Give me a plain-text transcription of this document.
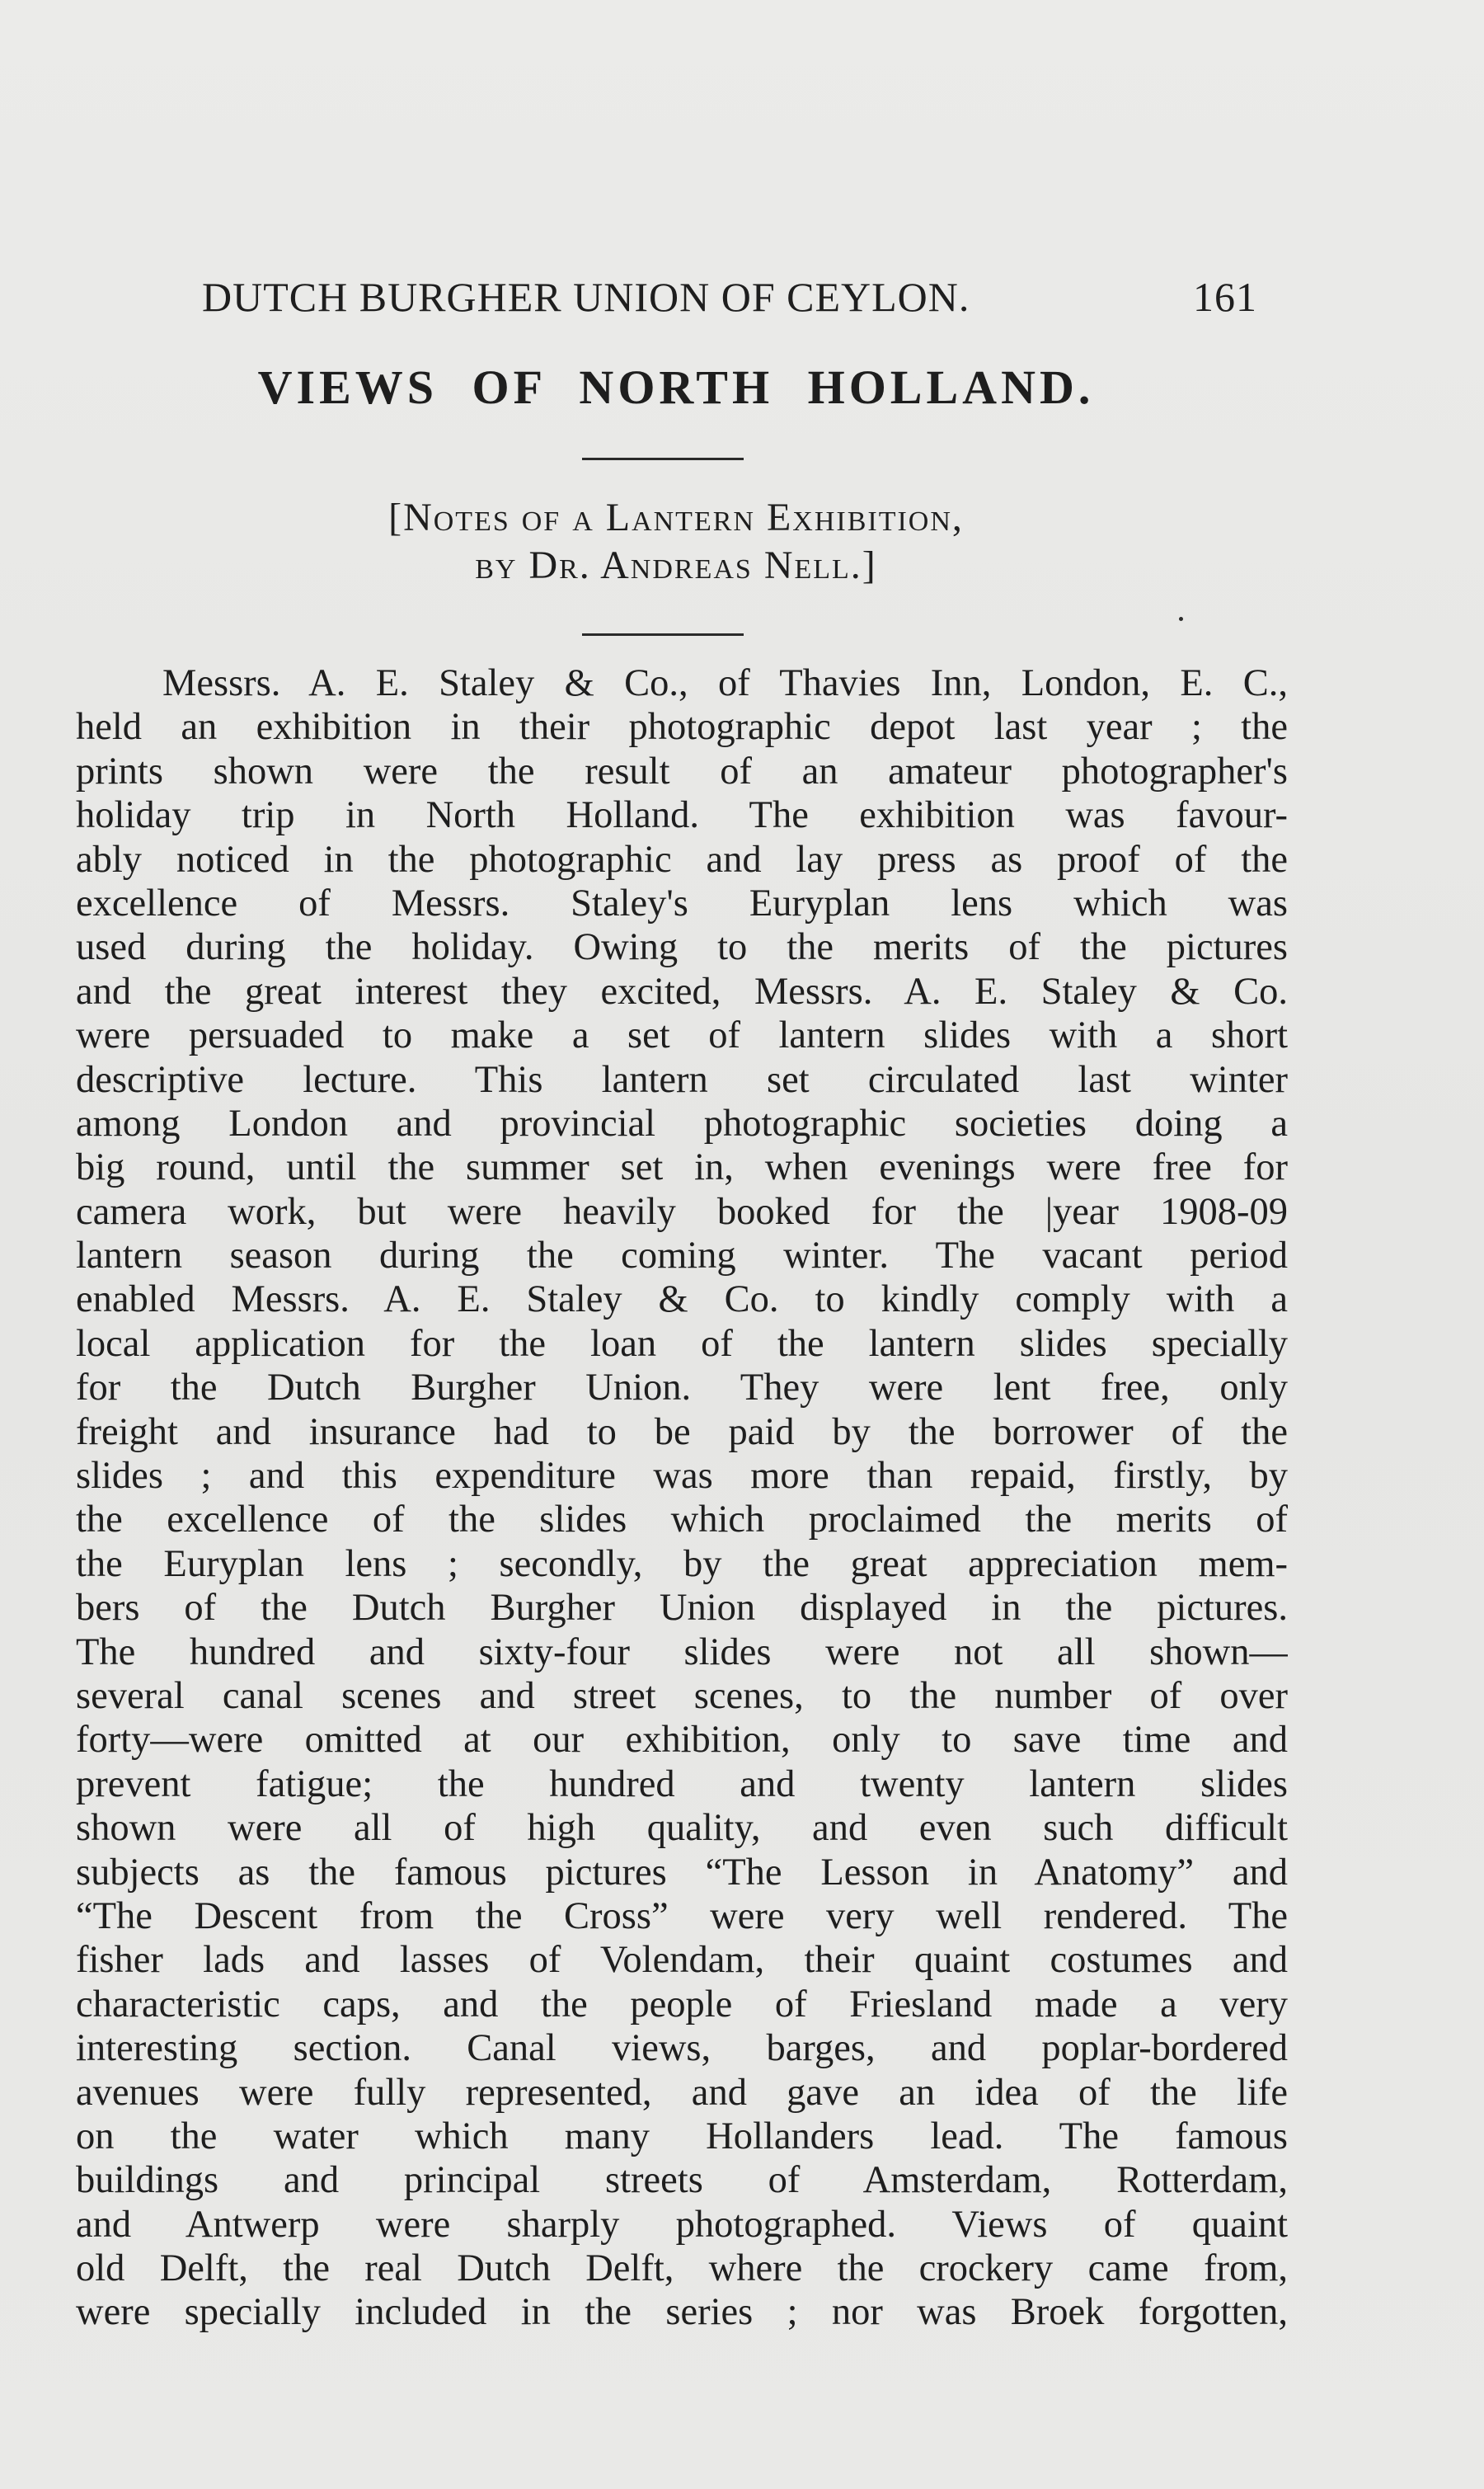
DUTCH BURGHER UNION OF CEYLON.	161
VIEWS OF NORTH HOLLAND.
[Notes of a Lantern Exhibition,
by Dr. Andreas Nell.]
Messrs. A. E. Staley & Co., of Thavies Inn, London, E. C.,
held an exhibition in their photographic depot last year ; the
prints shown were the result of an amateur photographer's
holiday trip in North Holland. The exhibition was favour-
ably noticed in the photographic and lay press as proof of the
excellence of Messrs. Staley's Euryplan lens which was
used during the holiday. Owing to the merits of the pictures
and the great interest they excited, Messrs. A. E. Staley & Co.
were persuaded to make a set of lantern slides with a short
descriptive lecture. This lantern set circulated last winter
among London and provincial photographic societies doing a
big round, until the summer set in, when evenings were free for
camera work, but were heavily booked for the |year 1908-09
lantern season during the coming winter. The vacant period
enabled Messrs. A. E. Staley & Co. to kindly comply with a
local application for the loan of the lantern slides specially
for the Dutch Burgher Union. They were lent free, only
freight and insurance had to be paid by the borrower of the
slides ; and this expenditure was more than repaid, firstly, by
the excellence of the slides which proclaimed the merits of
the Euryplan lens ; secondly, by the great appreciation mem-
bers of the Dutch Burgher Union displayed in the pictures.
The hundred and sixty-four slides were not all shown—
several canal scenes and street scenes, to the number of over
forty—were omitted at our exhibition, only to save time and
prevent fatigue; the hundred and twenty lantern slides
shown were all of high quality, and even such difficult
subjects as the famous pictures “The Lesson in Anatomy” and
“The Descent from the Cross” were very well rendered. The
fisher lads and lasses of Volendam, their quaint costumes and
characteristic caps, and the people of Friesland made a very
interesting section. Canal views, barges, and poplar-bordered
avenues were fully represented, and gave an idea of the life
on the water which many Hollanders lead. The famous
buildings and principal streets of Amsterdam, Rotterdam,
and Antwerp were sharply photographed. Views of quaint
old Delft, the real Dutch Delft, where the crockery came from,
were specially included in the series ; nor was Broek forgotten,
